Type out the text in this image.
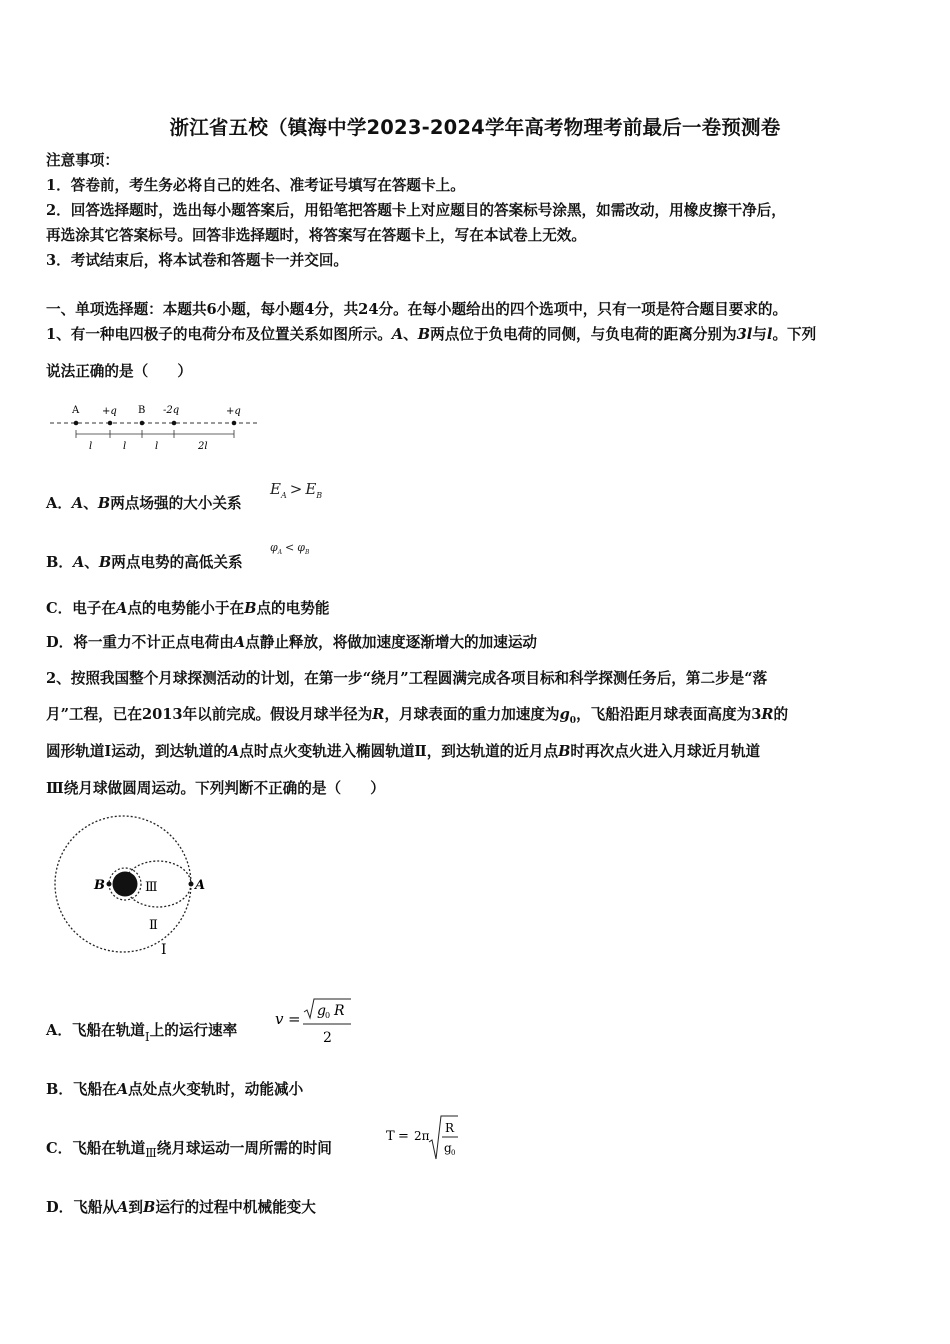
浙江省五校（镇海中学2023-2024学年高考物理考前最后一卷预测卷
注意事项：
1．答卷前，考生务必将自己的姓名、准考证号填写在答题卡上。
2．回答选择题时，选出每小题答案后，用铅笔把答题卡上对应题目的答案标号涂黑，如需改动，用橡皮擦干净后，
再选涂其它答案标号。回答非选择题时，将答案写在答题卡上，写在本试卷上无效。
3．考试结束后，将本试卷和答题卡一并交回。
一、单项选择题：本题共6小题，每小题4分，共24分。在每小题给出的四个选项中，只有一项是符合题目要求的。
1、有一种电四极子的电荷分布及位置关系如图所示。A、B两点位于负电荷的同侧，与负电荷的距离分别为3l与l。下列
说法正确的是（　　）
A +q B -2q	+q
l	l	l	2l
A．A、B两点场强的大小关系
$E_A > E_B$
B．A、B两点电势的高低关系
$\varphi_A < \varphi_B$
C．电子在A点的电势能小于在B点的电势能
D．将一重力不计正点电荷由A点静止释放，将做加速度逐渐增大的加速运动
2、按照我国整个月球探测活动的计划，在第一步“绕月”工程圆满完成各项目标和科学探测任务后，第二步是“落
月”工程，已在2013年以前完成。假设月球半径为R，月球表面的重力加速度为$g_0$，飞船沿距月球表面高度为3R的
圆形轨道Ⅰ运动，到达轨道的A点时点火变轨进入椭圆轨道Ⅱ，到达轨道的近月点B时再次点火进入月球近月轨道
Ⅲ绕月球做圆周运动。下列判断不正确的是（　　）
B	Ⅲ	A
Ⅱ
Ⅰ
A．飞船在轨道$_Ⅰ$上的运行速率
v = g 0 R
2
B．飞船在A点处点火变轨时，动能减小
C．飞船在轨道$_Ⅲ$绕月球运动一周所需的时间
T = 2π
R
g 0
D．飞船从A到B运行的过程中机械能变大
